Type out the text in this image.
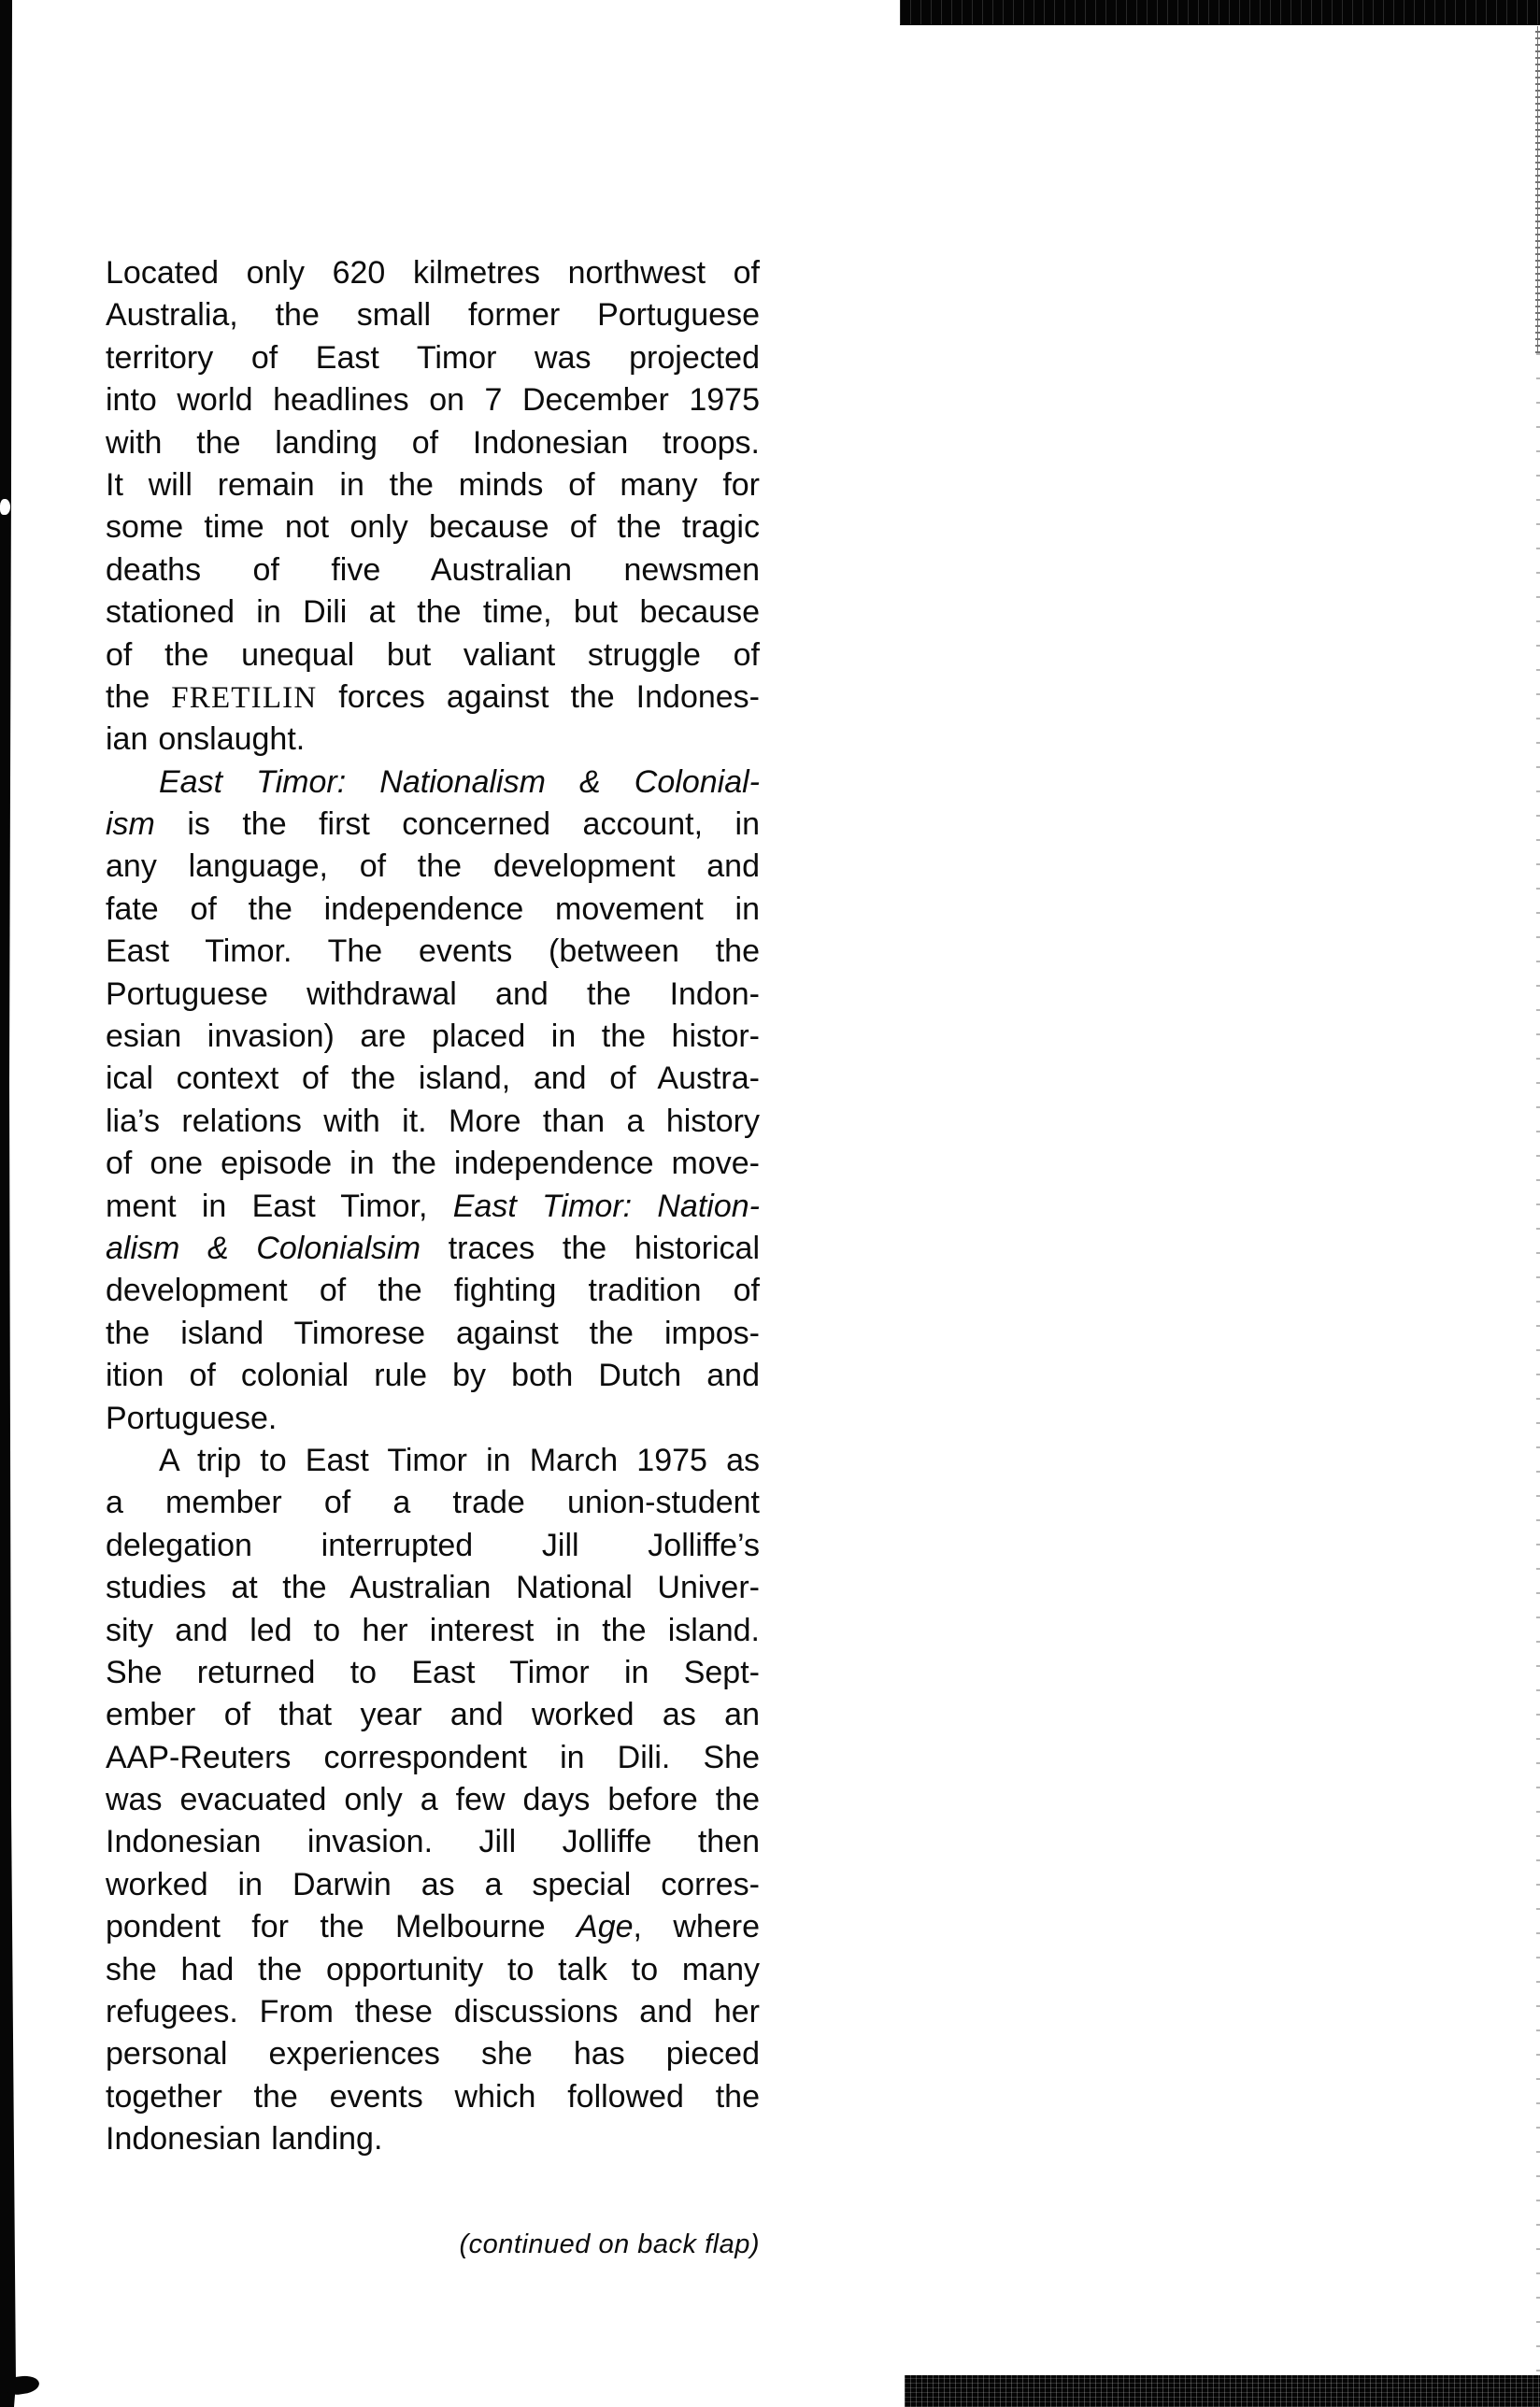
Located only 620 kilmetres northwest of
Australia, the small former Portuguese
territory of East Timor was projected
into world headlines on 7 December 1975
with the landing of Indonesian troops.
It will remain in the minds of many for
some time not only because of the tragic
deaths of five Australian newsmen
stationed in Dili at the time, but because
of the unequal but valiant struggle of
the FRETILIN forces against the Indones-
ian onslaught.
East Timor: Nationalism & Colonial-
ism is the first concerned account, in
any language, of the development and
fate of the independence movement in
East Timor. The events (between the
Portuguese withdrawal and the Indon-
esian invasion) are placed in the histor-
ical context of the island, and of Austra-
lia’s relations with it. More than a history
of one episode in the independence move-
ment in East Timor, East Timor: Nation-
alism & Colonialsim traces the historical
development of the fighting tradition of
the island Timorese against the impos-
ition of colonial rule by both Dutch and
Portuguese.
A trip to East Timor in March 1975 as
a member of a trade union-student
delegation interrupted Jill Jolliffe’s
studies at the Australian National Univer-
sity and led to her interest in the island.
She returned to East Timor in Sept-
ember of that year and worked as an
AAP-Reuters correspondent in Dili. She
was evacuated only a few days before the
Indonesian invasion. Jill Jolliffe then
worked in Darwin as a special corres-
pondent for the Melbourne Age, where
she had the opportunity to talk to many
refugees. From these discussions and her
personal experiences she has pieced
together the events which followed the
Indonesian landing.
(continued on back flap)
